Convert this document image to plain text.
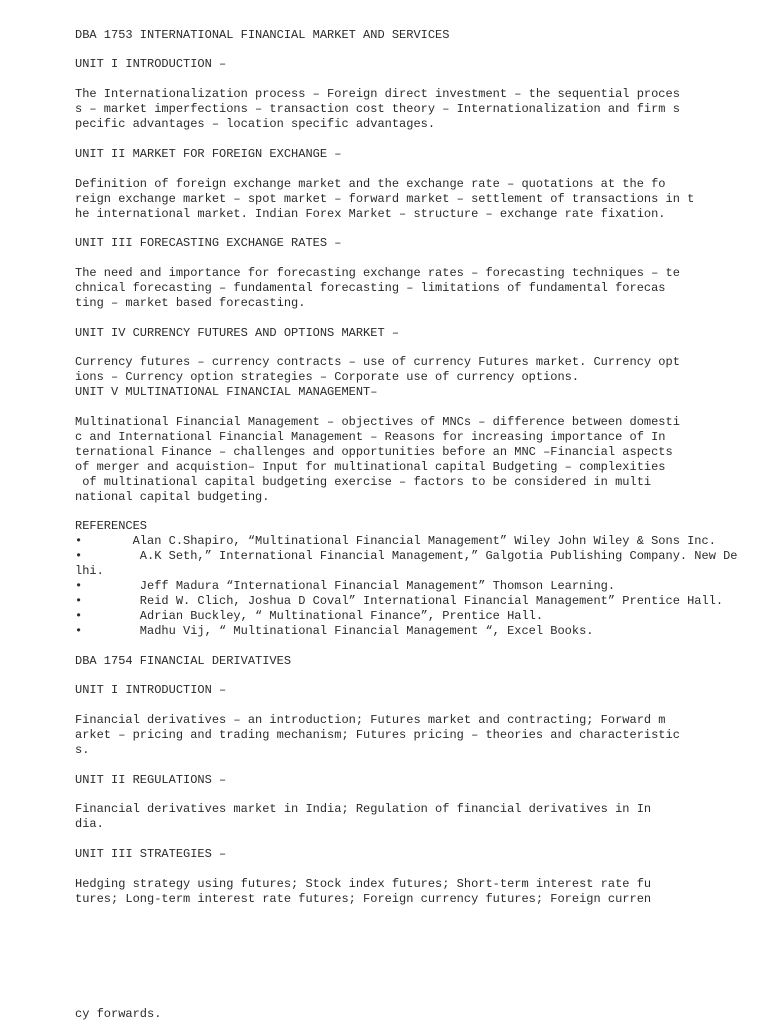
DBA 1753 INTERNATIONAL FINANCIAL MARKET AND SERVICES
UNIT I INTRODUCTION –
The Internationalization process – Foreign direct investment – the sequential proces
s – market imperfections – transaction cost theory – Internationalization and firm s
pecific advantages – location specific advantages.
UNIT II MARKET FOR FOREIGN EXCHANGE –
Definition of foreign exchange market and the exchange rate – quotations at the fo
reign exchange market – spot market – forward market – settlement of transactions in t
he international market. Indian Forex Market – structure – exchange rate fixation.
UNIT III FORECASTING EXCHANGE RATES –
The need and importance for forecasting exchange rates – forecasting techniques – te
chnical forecasting – fundamental forecasting – limitations of fundamental forecas
ting – market based forecasting.
UNIT IV CURRENCY FUTURES AND OPTIONS MARKET –
Currency futures – currency contracts – use of currency Futures market. Currency opt
ions – Currency option strategies – Corporate use of currency options.
UNIT V MULTINATIONAL FINANCIAL MANAGEMENT–
Multinational Financial Management – objectives of MNCs – difference between domesti
c and International Financial Management – Reasons for increasing importance of In
ternational Finance – challenges and opportunities before an MNC –Financial aspects
of merger and acquistion– Input for multinational capital Budgeting – complexities
of multinational capital budgeting exercise – factors to be considered in multi
national capital budgeting.
REFERENCES
•       Alan C.Shapiro, “Multinational Financial Management” Wiley John Wiley & Sons Inc.
•        A.K Seth,” International Financial Management,” Galgotia Publishing Company. New De
lhi.
•        Jeff Madura “International Financial Management” Thomson Learning.
•        Reid W. Clich, Joshua D Coval” International Financial Management” Prentice Hall.
•        Adrian Buckley, “ Multinational Finance”, Prentice Hall.
•        Madhu Vij, “ Multinational Financial Management “, Excel Books.
DBA 1754 FINANCIAL DERIVATIVES
UNIT I INTRODUCTION –
Financial derivatives – an introduction; Futures market and contracting; Forward m
arket – pricing and trading mechanism; Futures pricing – theories and characteristic
s.
UNIT II REGULATIONS –
Financial derivatives market in India; Regulation of financial derivatives in In
dia.
UNIT III STRATEGIES –
Hedging strategy using futures; Stock index futures; Short-term interest rate fu
tures; Long-term interest rate futures; Foreign currency futures; Foreign curren
cy forwards.
